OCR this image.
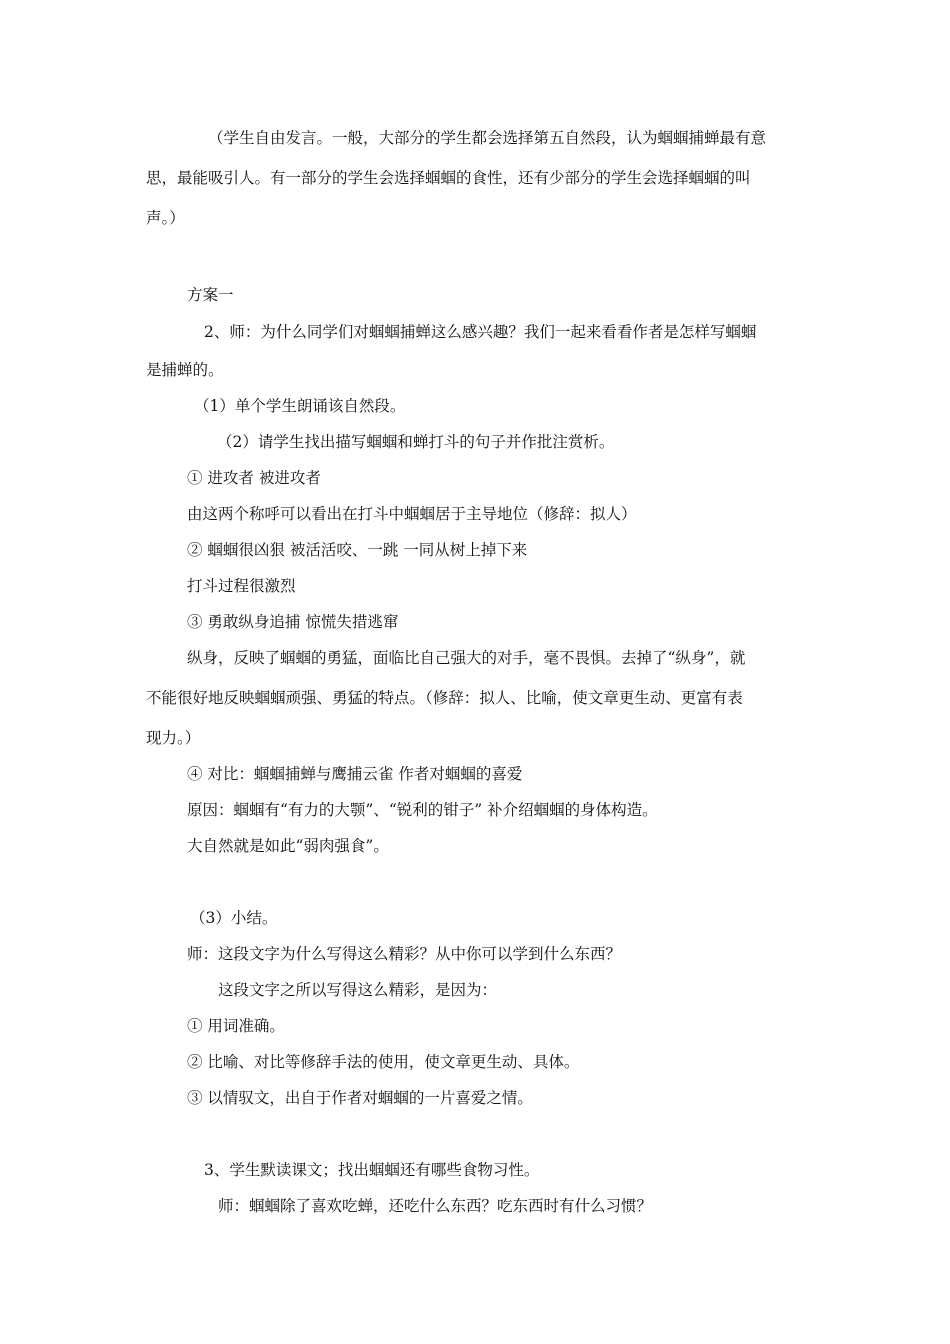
（学生自由发言。一般，大部分的学生都会选择第五自然段，认为蝈蝈捕蝉最有意
思，最能吸引人。有一部分的学生会选择蝈蝈的食性，还有少部分的学生会选择蝈蝈的叫
声。）
方案一
2、师：为什么同学们对蝈蝈捕蝉这么感兴趣？我们一起来看看作者是怎样写蝈蝈
是捕蝉的。
（1）单个学生朗诵该自然段。
（2）请学生找出描写蝈蝈和蝉打斗的句子并作批注赏析。
① 进攻者 被进攻者
由这两个称呼可以看出在打斗中蝈蝈居于主导地位（修辞：拟人）
② 蝈蝈很凶狠 被活活咬、一跳 一同从树上掉下来
打斗过程很激烈
③ 勇敢纵身追捕 惊慌失措逃窜
纵身，反映了蝈蝈的勇猛，面临比自己强大的对手，毫不畏惧。去掉了“纵身”，就
不能很好地反映蝈蝈顽强、勇猛的特点。（修辞：拟人、比喻，使文章更生动、更富有表
现力。）
④ 对比：蝈蝈捕蝉与鹰捕云雀 作者对蝈蝈的喜爱
原因：蝈蝈有“有力的大颚”、“锐利的钳子” 补介绍蝈蝈的身体构造。
大自然就是如此“弱肉强食”。
（3）小结。
师：这段文字为什么写得这么精彩？从中你可以学到什么东西？
这段文字之所以写得这么精彩，是因为：
① 用词准确。
② 比喻、对比等修辞手法的使用，使文章更生动、具体。
③ 以情驭文，出自于作者对蝈蝈的一片喜爱之情。
3、学生默读课文；找出蝈蝈还有哪些食物习性。
师：蝈蝈除了喜欢吃蝉，还吃什么东西？吃东西时有什么习惯？
